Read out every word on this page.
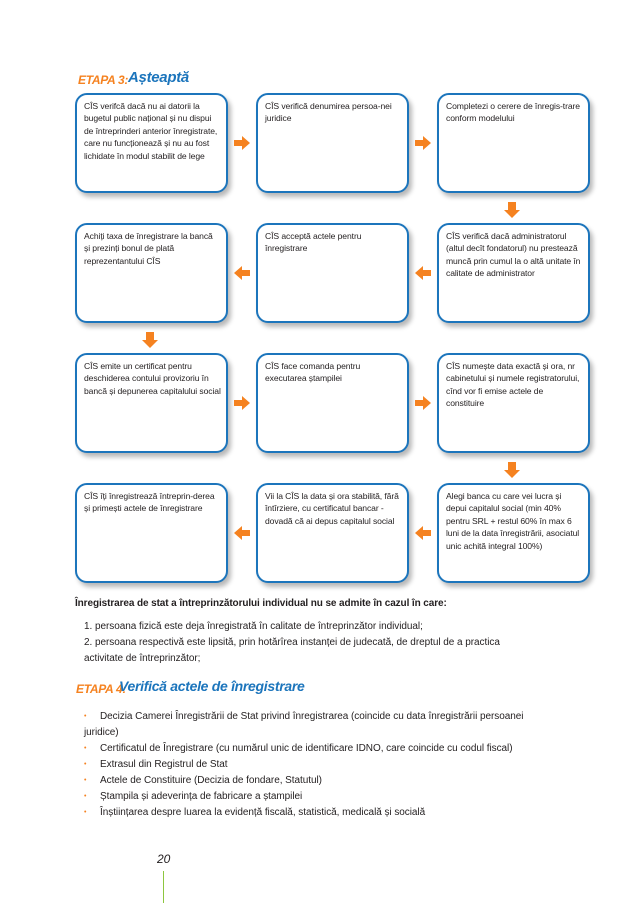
ETAPA 3: Așteaptă
CÎS verifcă dacă nu ai datorii la bugetul public național și nu dispui de întreprinderi anterior înregistrate, care nu funcționează și nu au fost lichidate în modul stabilit de lege
CÎS verifică denumirea persoa-nei juridice
Completezi o cerere de înregis-trare conform modelului
Achiți taxa de înregistrare la bancă și prezinți bonul de plată reprezentantului CÎS
CÎS acceptă actele pentru înregistrare
CÎS verifică dacă administratorul (altul decît fondatorul) nu prestează muncă prin cumul la o altă unitate în calitate de administrator
CÎS emite un certificat pentru deschiderea contului provizoriu în bancă și depunerea capitalului social
CÎS face comanda pentru executarea ștampilei
CÎS numește data exactă și ora, nr cabinetului și numele registratorului, cînd vor fi emise actele de constituire
CÎS îți înregistrează întreprin-derea și primești actele de înregistrare
Vii la CÎS la data și ora stabilită, fără întîrziere, cu certificatul bancar - dovadă că ai depus capitalul social
Alegi banca cu care vei lucra și depui capitalul social (min 40% pentru SRL + restul 60% în max 6 luni de la data înregistrării, asociatul unic achită integral 100%)
Înregistrarea de stat a întreprinzătorului individual nu se admite în cazul în care:
1. persoana fizică este deja înregistrată în calitate de întreprinzător individual;
2. persoana respectivă este lipsită, prin hotărîrea instanței de judecată, de dreptul de a practica
activitate de întreprinzător;
ETAPA 4:
Verifică actele de înregistrare
• Decizia Camerei Înregistrării de Stat privind înregistrarea (coincide cu data înregistrării persoanei
juridice)
• Certificatul de Înregistrare (cu numărul unic de identificare IDNO, care coincide cu codul fiscal)
• Extrasul din Registrul de Stat
• Actele de Constituire (Decizia de fondare, Statutul)
• Ștampila și adeverința de fabricare a ștampilei
• Înștiințarea despre luarea la evidență fiscală, statistică, medicală și socială
20
